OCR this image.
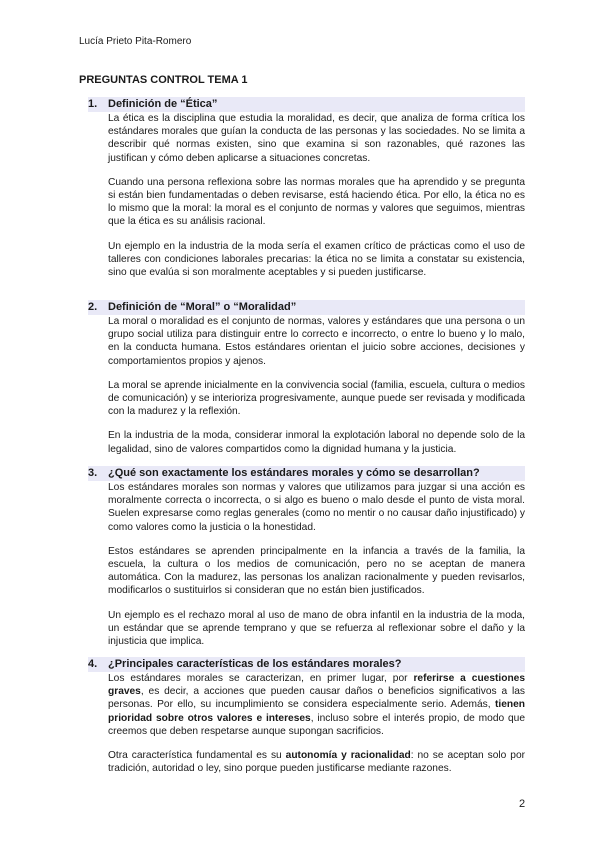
Lucía Prieto Pita-Romero
PREGUNTAS CONTROL TEMA 1
1. Definición de “Ética”

La ética es la disciplina que estudia la moralidad, es decir, que analiza de forma crítica los estándares morales que guían la conducta de las personas y las sociedades. No se limita a describir qué normas existen, sino que examina si son razonables, qué razones las justifican y cómo deben aplicarse a situaciones concretas.

Cuando una persona reflexiona sobre las normas morales que ha aprendido y se pregunta si están bien fundamentadas o deben revisarse, está haciendo ética. Por ello, la ética no es lo mismo que la moral: la moral es el conjunto de normas y valores que seguimos, mientras que la ética es su análisis racional.

Un ejemplo en la industria de la moda sería el examen crítico de prácticas como el uso de talleres con condiciones laborales precarias: la ética no se limita a constatar su existencia, sino que evalúa si son moralmente aceptables y si pueden justificarse.

2. Definición de “Moral” o “Moralidad”

La moral o moralidad es el conjunto de normas, valores y estándares que una persona o un grupo social utiliza para distinguir entre lo correcto e incorrecto, o entre lo bueno y lo malo, en la conducta humana. Estos estándares orientan el juicio sobre acciones, decisiones y comportamientos propios y ajenos.

La moral se aprende inicialmente en la convivencia social (familia, escuela, cultura o medios de comunicación) y se interioriza progresivamente, aunque puede ser revisada y modificada con la madurez y la reflexión.

En la industria de la moda, considerar inmoral la explotación laboral no depende solo de la legalidad, sino de valores compartidos como la dignidad humana y la justicia.

3. ¿Qué son exactamente los estándares morales y cómo se desarrollan?

Los estándares morales son normas y valores que utilizamos para juzgar si una acción es moralmente correcta o incorrecta, o si algo es bueno o malo desde el punto de vista moral. Suelen expresarse como reglas generales (como no mentir o no causar daño injustificado) y como valores como la justicia o la honestidad.

Estos estándares se aprenden principalmente en la infancia a través de la familia, la escuela, la cultura o los medios de comunicación, pero no se aceptan de manera automática. Con la madurez, las personas los analizan racionalmente y pueden revisarlos, modificarlos o sustituirlos si consideran que no están bien justificados.

Un ejemplo es el rechazo moral al uso de mano de obra infantil en la industria de la moda, un estándar que se aprende temprano y que se refuerza al reflexionar sobre el daño y la injusticia que implica.

4. ¿Principales características de los estándares morales?

Los estándares morales se caracterizan, en primer lugar, por referirse a cuestiones graves, es decir, a acciones que pueden causar daños o beneficios significativos a las personas. Por ello, su incumplimiento se considera especialmente serio. Además, tienen prioridad sobre otros valores e intereses, incluso sobre el interés propio, de modo que creemos que deben respetarse aunque supongan sacrificios.

Otra característica fundamental es su autonomía y racionalidad: no se aceptan solo por tradición, autoridad o ley, sino porque pueden justificarse mediante razones.

2
